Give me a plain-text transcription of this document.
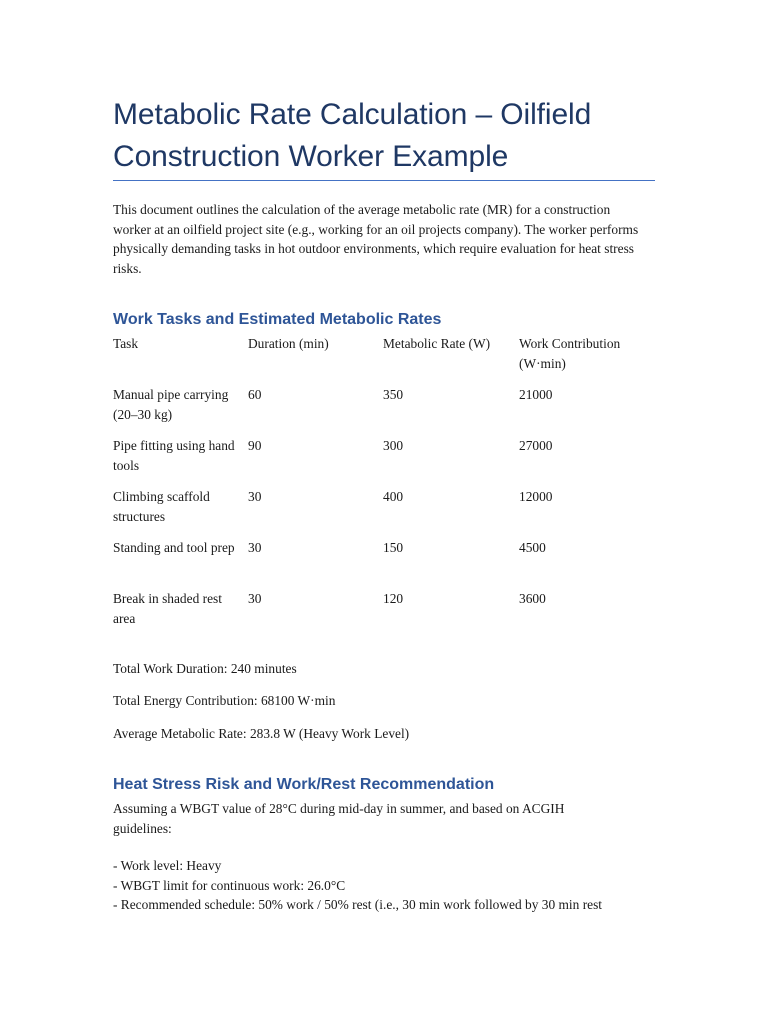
Metabolic Rate Calculation – Oilfield Construction Worker Example

This document outlines the calculation of the average metabolic rate (MR) for a construction worker at an oilfield project site (e.g., working for an oil projects company). The worker performs physically demanding tasks in hot outdoor environments, which require evaluation for heat stress risks.

Work Tasks and Estimated Metabolic Rates
Task	Duration (min)	Metabolic Rate (W)	Work Contribution (W·min)
Manual pipe carrying (20–30 kg)	60	350	21000
Pipe fitting using hand tools	90	300	27000
Climbing scaffold structures	30	400	12000
Standing and tool prep	30	150	4500
Break in shaded rest area	30	120	3600

Total Work Duration: 240 minutes

Total Energy Contribution: 68100 W·min

Average Metabolic Rate: 283.8 W (Heavy Work Level)

Heat Stress Risk and Work/Rest Recommendation

Assuming a WBGT value of 28°C during mid-day in summer, and based on ACGIH guidelines:

- Work level: Heavy
- WBGT limit for continuous work: 26.0°C
- Recommended schedule: 50% work / 50% rest (i.e., 30 min work followed by 30 min rest
